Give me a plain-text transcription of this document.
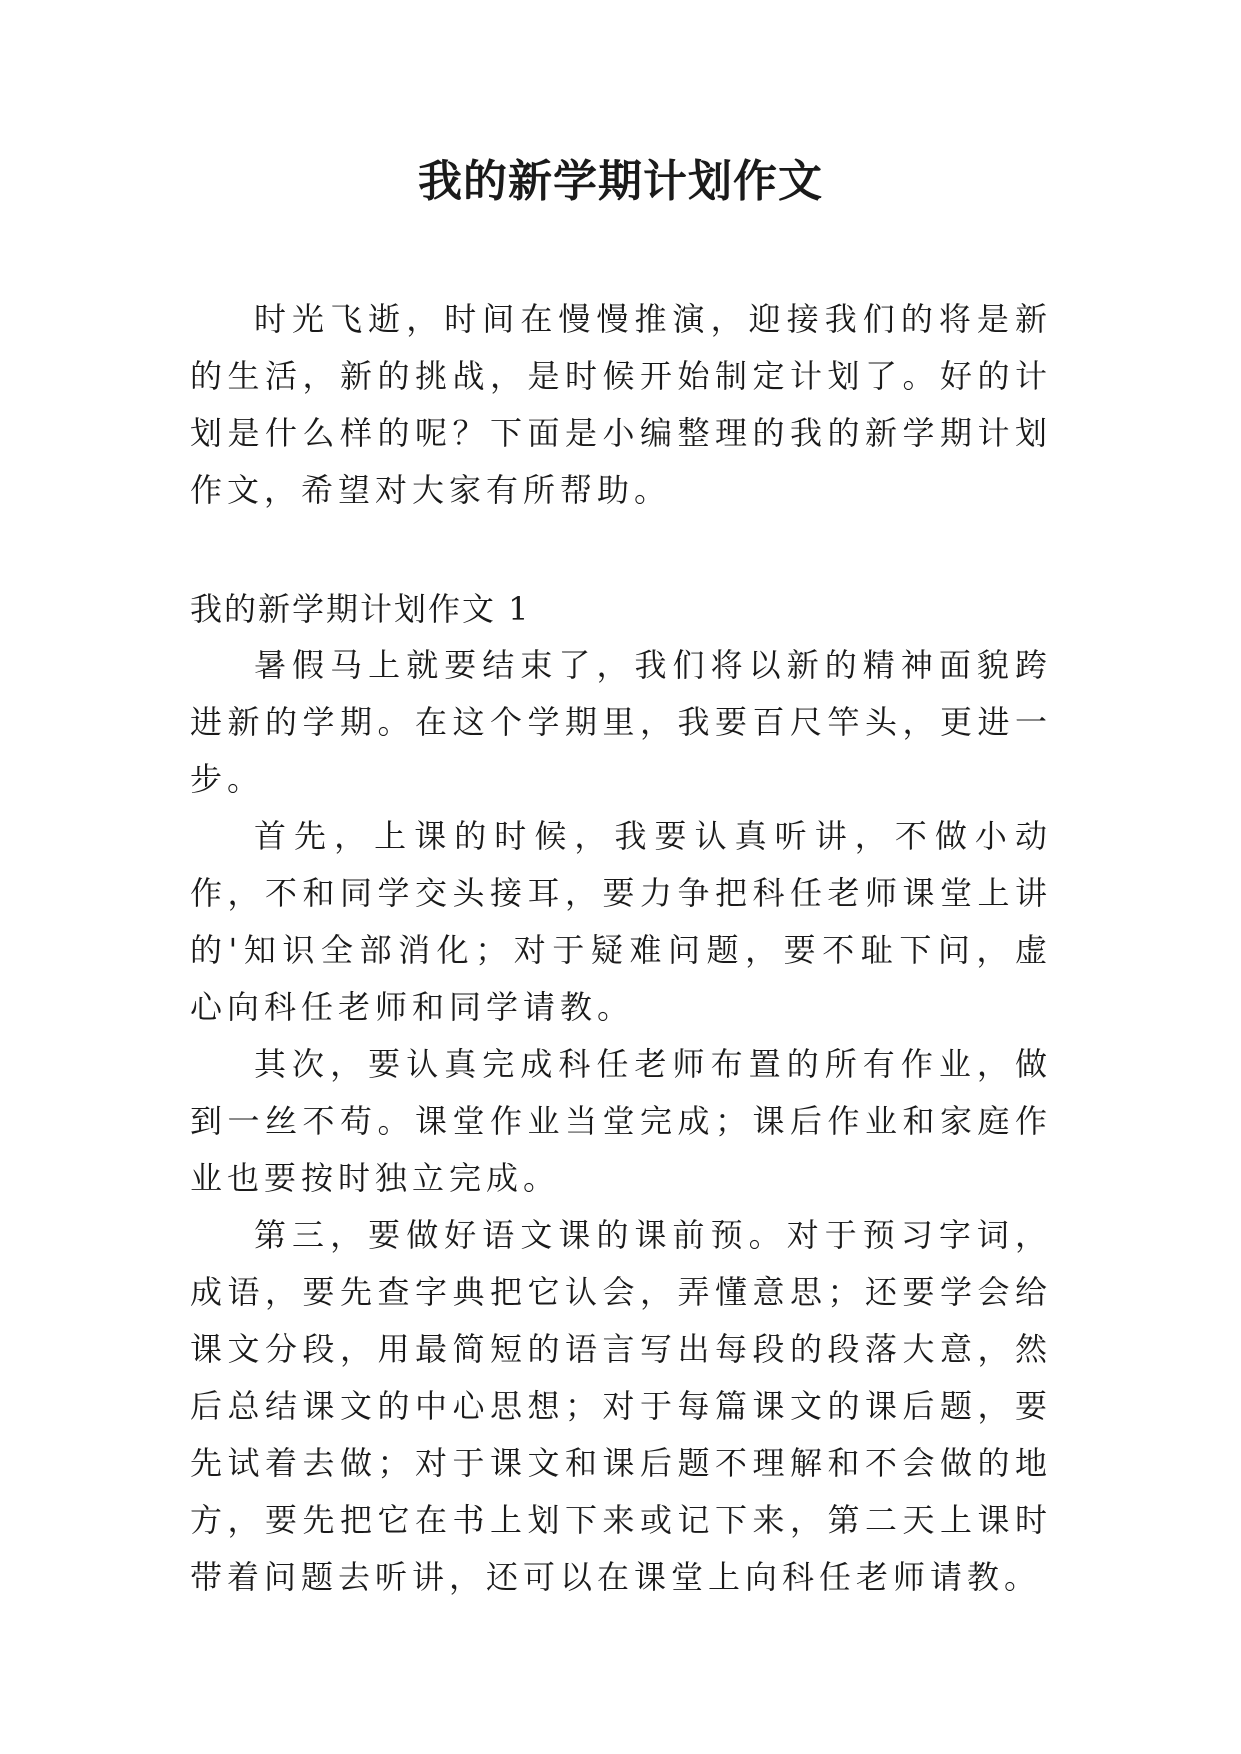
我的新学期计划作文

时光飞逝，时间在慢慢推演，迎接我们的将是新的生活，新的挑战，是时候开始制定计划了。好的计划是什么样的呢？下面是小编整理的我的新学期计划作文，希望对大家有所帮助。

我的新学期计划作文 1

暑假马上就要结束了，我们将以新的精神面貌跨进新的学期。在这个学期里，我要百尺竿头，更进一步。

首先，上课的时候，我要认真听讲，不做小动作，不和同学交头接耳，要力争把科任老师课堂上讲的'知识全部消化；对于疑难问题，要不耻下问，虚心向科任老师和同学请教。

其次，要认真完成科任老师布置的所有作业，做到一丝不苟。课堂作业当堂完成；课后作业和家庭作业也要按时独立完成。

第三，要做好语文课的课前预。对于预习字词，成语，要先查字典把它认会，弄懂意思；还要学会给课文分段，用最简短的语言写出每段的段落大意，然后总结课文的中心思想；对于每篇课文的课后题，要先试着去做；对于课文和课后题不理解和不会做的地方，要先把它在书上划下来或记下来，第二天上课时带着问题去听讲，还可以在课堂上向科任老师请教。
